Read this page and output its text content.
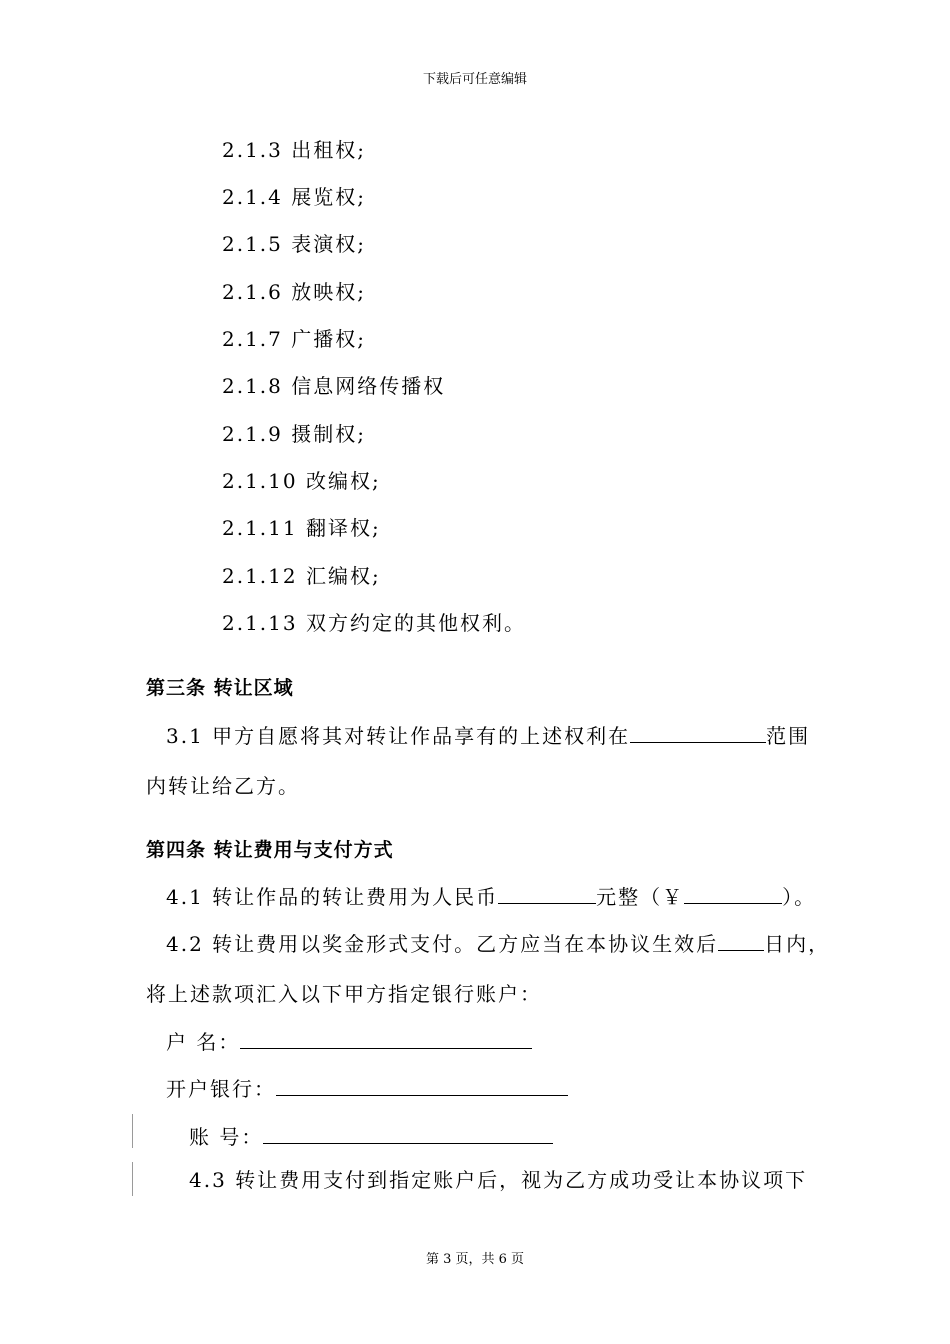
下载后可任意编辑
2.1.3 出租权;
2.1.4 展览权;
2.1.5 表演权;
2.1.6 放映权;
2.1.7 广播权;
2.1.8 信息网络传播权
2.1.9 摄制权;
2.1.10 改编权;
2.1.11 翻译权;
2.1.12 汇编权;
2.1.13 双方约定的其他权利。
第三条 转让区域
3.1 甲方自愿将其对转让作品享有的上述权利在	范围
内转让给乙方。
第四条 转让费用与支付方式
4.1 转让作品的转让费用为人民币	元整（￥	）。
4.2 转让费用以奖金形式支付。乙方应当在本协议生效后 日内，
将上述款项汇入以下甲方指定银行账户：
户 名：
开户银行：
账 号：
4.3 转让费用支付到指定账户后，视为乙方成功受让本协议项下
第 3 页，共 6 页
